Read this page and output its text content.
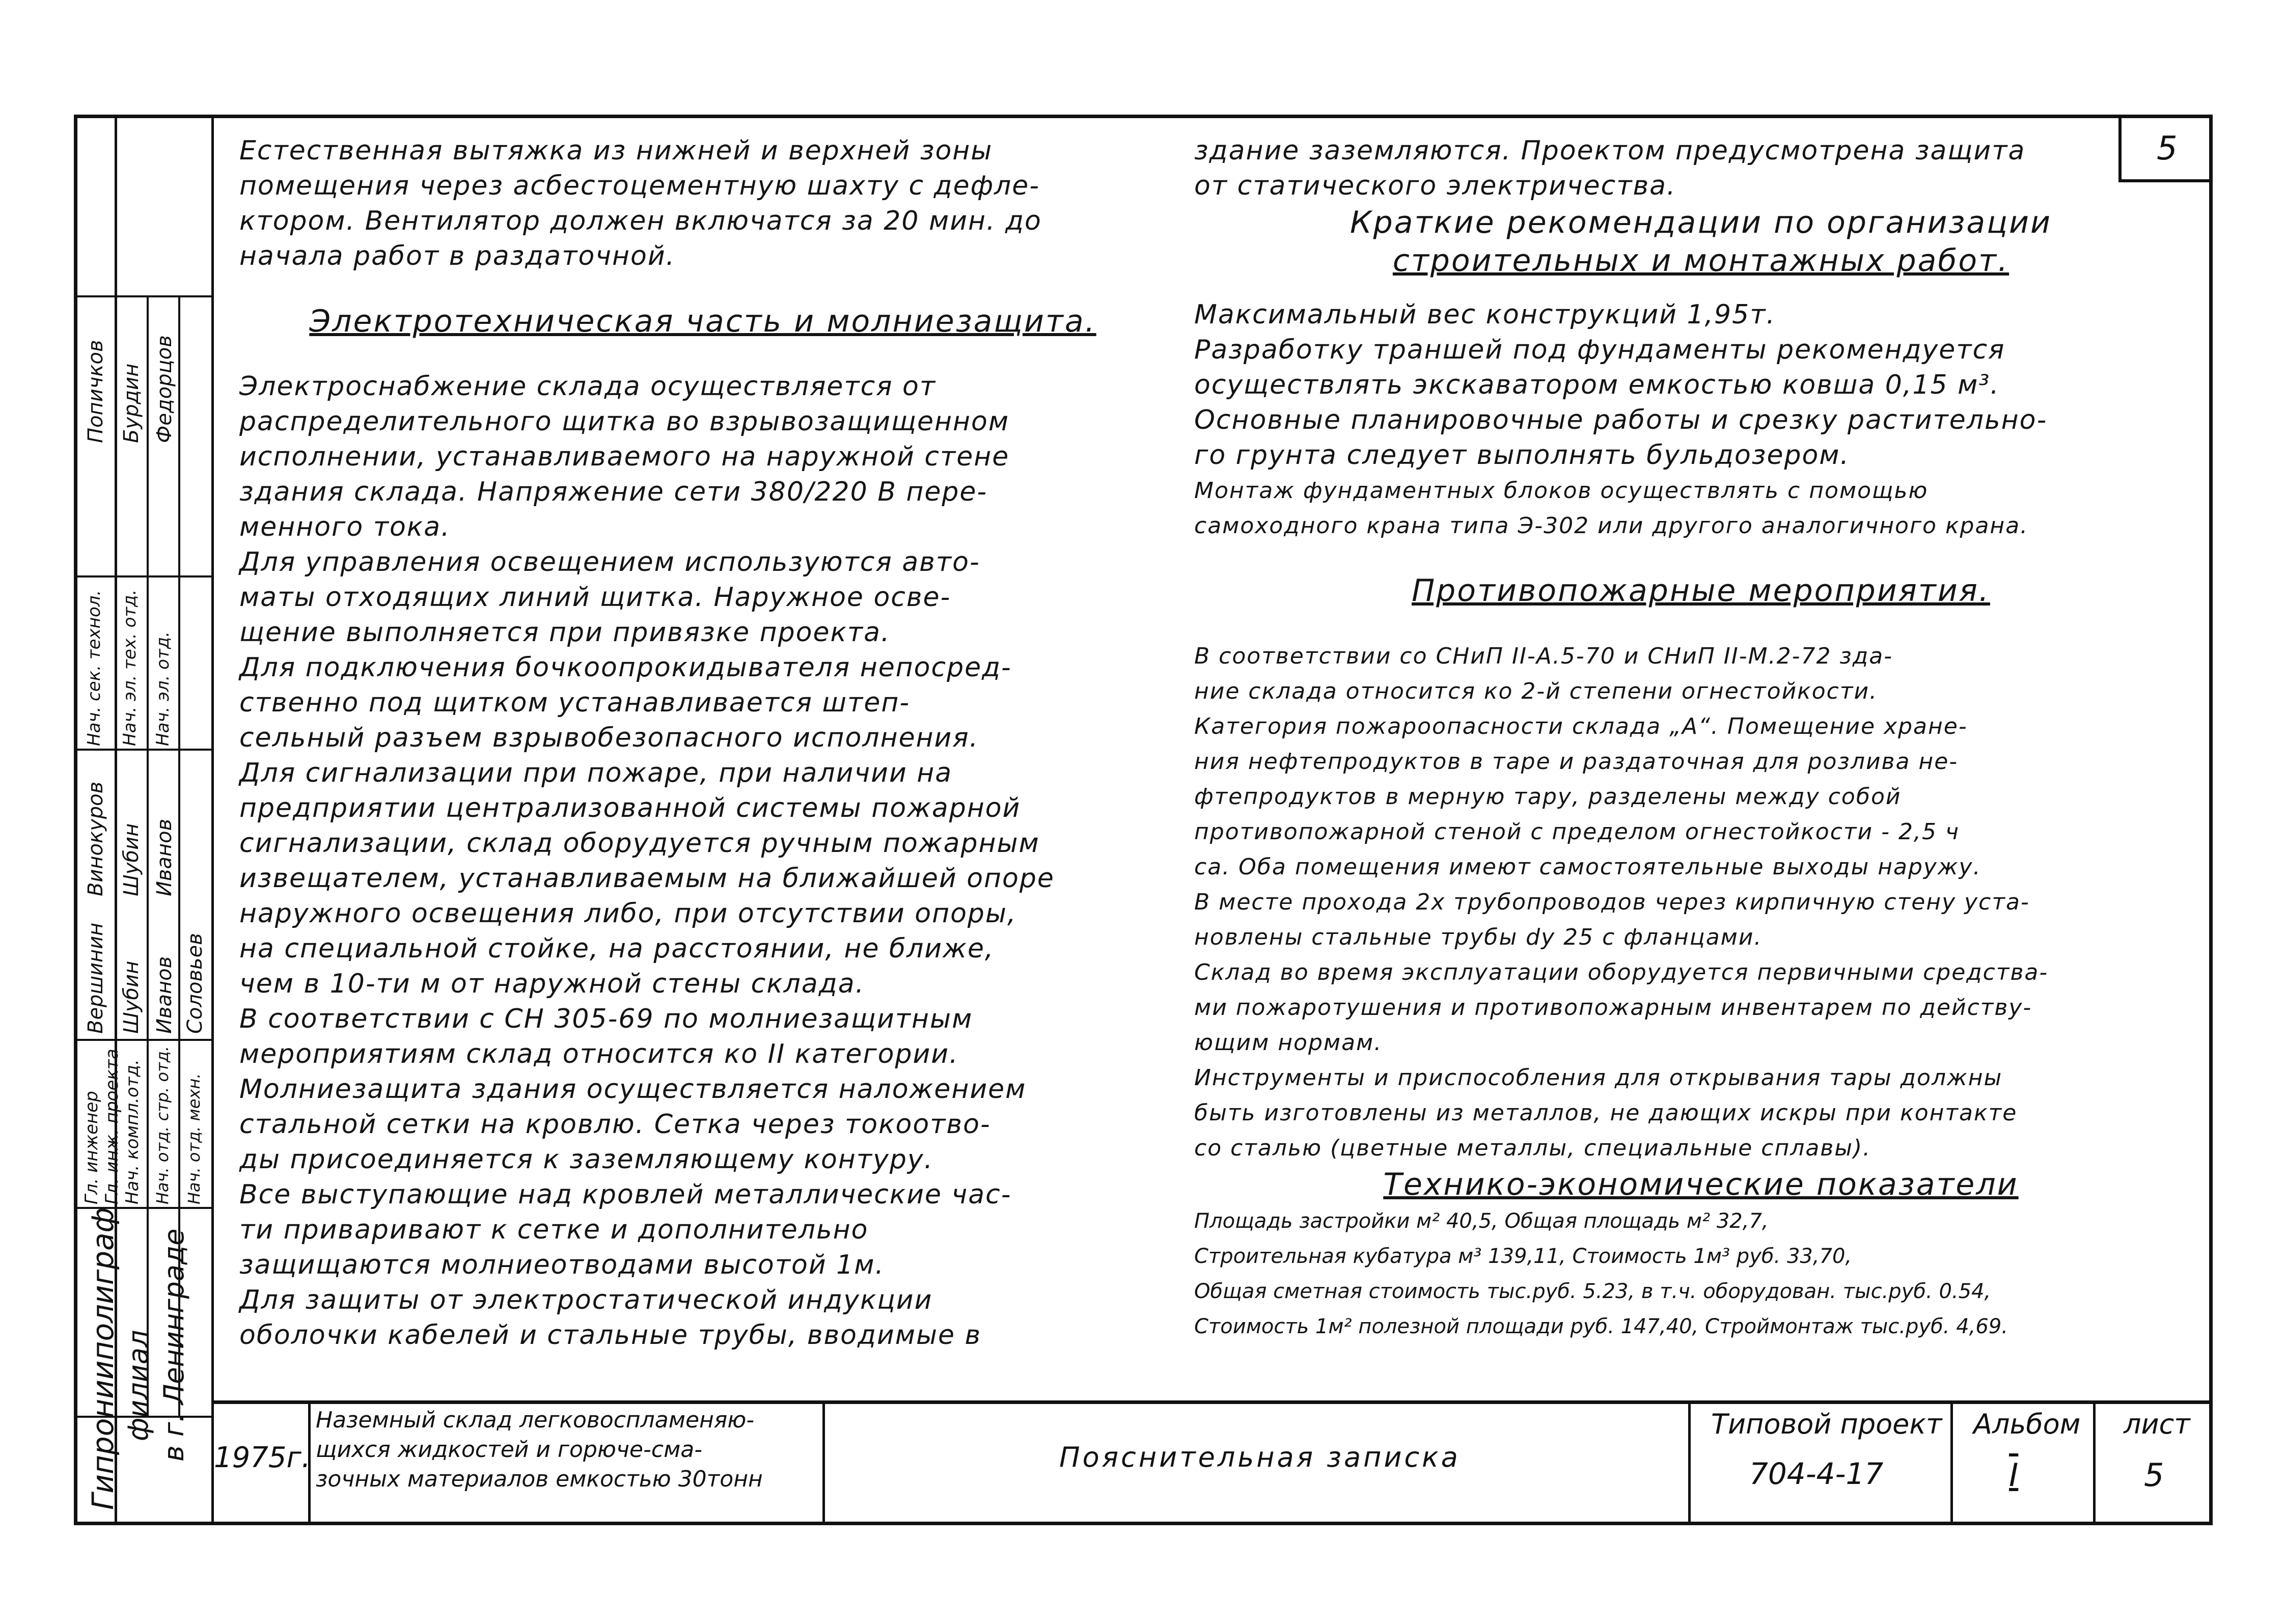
5
Гипронииполиграф филиал в г. Ленинграде
Гл. инженер Гл. инж. проекта Нач. компл.отд. Нач. отд. стр. отд. Нач. отд. мехн.
Вершинин Шубин Иванов Соловьев
Нач. сек. технол. Нач. эл. тех. отд. Нач. эл. отд.
Винокуров Шубин Иванов
Попичков Бурдин Федорцов

Естественная вытяжка из нижней и верхней зоны

помещения через асбестоцементную шахту с дефле-

ктором. Вентилятор должен включатся за 20 мин. до

начала работ в раздаточной.

Электротехническая часть и молниезащита.

Электроснабжение склада осуществляется от

распределительного щитка во взрывозащищенном

исполнении, устанавливаемого на наружной стене

здания склада. Напряжение сети 380/220 В пере-

менного тока.

Для управления освещением используются авто-

маты отходящих линий щитка. Наружное осве-

щение выполняется при привязке проекта.

Для подключения бочкоопрокидывателя непосред-

ственно под щитком устанавливается штеп-

сельный разъем взрывобезопасного исполнения.

Для сигнализации при пожаре, при наличии на

предприятии централизованной системы пожарной

сигнализации, склад оборудуется ручным пожарным

извещателем, устанавливаемым на ближайшей опоре

наружного освещения либо, при отсутствии опоры,

на специальной стойке, на расстоянии, не ближе,

чем в 10-ти м от наружной стены склада.

В соответствии с СН 305-69 по молниезащитным

мероприятиям склад относится ко II категории.

Молниезащита здания осуществляется наложением

стальной сетки на кровлю. Сетка через токоотво-

ды присоединяется к заземляющему контуру.

Все выступающие над кровлей металлические час-

ти приваривают к сетке и дополнительно

защищаются молниеотводами высотой 1м.

Для защиты от электростатической индукции

оболочки кабелей и стальные трубы, вводимые в

здание заземляются. Проектом предусмотрена защита

от статического электричества.

Краткие рекомендации по организации

строительных и монтажных работ.

Максимальный вес конструкций 1,95т.

Разработку траншей под фундаменты рекомендуется

осуществлять экскаватором емкостью ковша 0,15 м³.

Основные планировочные работы и срезку растительно-

го грунта следует выполнять бульдозером.

Монтаж фундаментных блоков осуществлять с помощью

самоходного крана типа Э-302 или другого аналогичного крана.

Противопожарные мероприятия.

В соответствии со СНиП II-А.5-70 и СНиП II-М.2-72 зда-

ние склада относится ко 2-й степени огнестойкости.

Категория пожароопасности склада „А“. Помещение хране-

ния нефтепродуктов в таре и раздаточная для розлива не-

фтепродуктов в мерную тару, разделены между собой

противопожарной стеной с пределом огнестойкости - 2,5 ч

са. Оба помещения имеют самостоятельные выходы наружу.

В месте прохода 2х трубопроводов через кирпичную стену уста-

новлены стальные трубы dy 25 с фланцами.

Склад во время эксплуатации оборудуется первичными средства-

ми пожаротушения и противопожарным инвентарем по действу-

ющим нормам.

Инструменты и приспособления для открывания тары должны

быть изготовлены из металлов, не дающих искры при контакте

со сталью (цветные металлы, специальные сплавы).

Технико-экономические показатели

Площадь застройки м² 40,5, Общая площадь м² 32,7,

Строительная кубатура м³ 139,11, Стоимость 1м³ руб. 33,70,

Общая сметная стоимость тыс.руб. 5.23, в т.ч. оборудован. тыс.руб. 0.54,

Стоимость 1м² полезной площади руб. 147,40, Строймонтаж тыс.руб. 4,69.

1975г.
Наземный склад легковоспламеняю-
щихся жидкостей и горюче-сма-
зочных материалов емкостью 30тонн
Пояснительная записка
Типовой проект
704-4-17
Альбом
I
лист
5
